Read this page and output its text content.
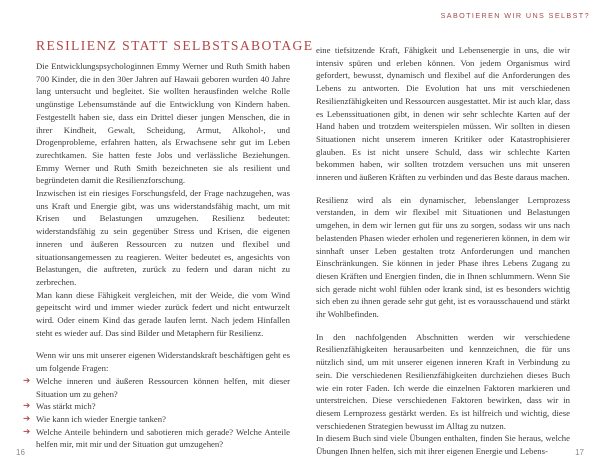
RESILIENZ STATT SELBSTSABOTAGE

Die Entwicklungspsychologinnen Emmy Werner und Ruth Smith haben 700 Kinder, die in den 30er Jahren auf Hawaii geboren wurden 40 Jahre lang untersucht und begleitet. Sie wollten herausfinden welche Rolle ungünstige Lebensumstände auf die Entwicklung von Kindern haben. Festgestellt haben sie, dass ein Drittel dieser jungen Menschen, die in ihrer Kindheit, Gewalt, Scheidung, Armut, Alkohol-, und Drogenprobleme, erfahren hatten, als Erwachsene sehr gut im Leben zurechtkamen. Sie hatten feste Jobs und verlässliche Beziehungen. Emmy Werner und Ruth Smith bezeichneten sie als resilient und begründeten damit die Resilienzforschung.

Inzwischen ist ein riesiges Forschungsfeld, der Frage nachzugehen, was uns Kraft und Energie gibt, was uns widerstandsfähig macht, um mit Krisen und Belastungen umzugehen. Resilienz bedeutet: widerstandsfähig zu sein gegenüber Stress und Krisen, die eigenen inneren und äußeren Ressourcen zu nutzen und flexibel und situationsangemessen zu reagieren. Weiter bedeutet es, angesichts von Belastungen, die auftreten, zurück zu federn und daran nicht zu zerbrechen.

Man kann diese Fähigkeit vergleichen, mit der Weide, die vom Wind gepeitscht wird und immer wieder zurück federt und nicht entwurzelt wird. Oder einem Kind das gerade laufen lernt. Nach jedem Hinfallen steht es wieder auf. Das sind Bilder und Metaphern für Resilienz.

Wenn wir uns mit unserer eigenen Widerstandskraft beschäftigen geht es um folgende Fragen:

➔ Welche inneren und äußeren Ressourcen können helfen, mit dieser Situation um zu gehen?
➔ Was stärkt mich?
➔ Wie kann ich wieder Energie tanken?
➔ Welche Anteile behindern und sabotieren mich gerade? Welche Anteile helfen mir, mit mir und der Situation gut umzugehen?
16
SABOTIEREN WIR UNS SELBST?

eine tiefsitzende Kraft, Fähigkeit und Lebensenergie in uns, die wir intensiv spüren und erleben können. Von jedem Organismus wird gefordert, bewusst, dynamisch und flexibel auf die Anforderungen des Lebens zu antworten. Die Evolution hat uns mit verschiedenen Resilienzfähigkeiten und Ressourcen ausgestattet. Mir ist auch klar, dass es Lebenssituationen gibt, in denen wir sehr schlechte Karten auf der Hand haben und trotzdem weiterspielen müssen. Wir sollten in diesen Situationen nicht unserem inneren Kritiker oder Katastrophisierer glauben. Es ist nicht unsere Schuld, dass wir schlechte Karten bekommen haben, wir sollten trotzdem versuchen uns mit unseren inneren und äußeren Kräften zu verbinden und das Beste daraus machen.

Resilienz wird als ein dynamischer, lebenslanger Lernprozess verstanden, in dem wir flexibel mit Situationen und Belastungen umgehen, in dem wir lernen gut für uns zu sorgen, sodass wir uns nach belastenden Phasen wieder erholen und regenerieren können, in dem wir sinnhaft unser Leben gestalten trotz Anforderungen und manchen Einschränkungen. Sie können in jeder Phase ihres Lebens Zugang zu diesen Kräften und Energien finden, die in Ihnen schlummern. Wenn Sie sich gerade nicht wohl fühlen oder krank sind, ist es besonders wichtig sich eben zu ihnen gerade sehr gut geht, ist es vorausschauend und stärkt ihr Wohlbefinden.

In den nachfolgenden Abschnitten werden wir verschiedene Resilienzfähigkeiten herausarbeiten und kennzeichnen, die für uns nützlich sind, um mit unserer eigenen inneren Kraft in Verbindung zu sein. Die verschiedenen Resilienzfähigkeiten durchziehen dieses Buch wie ein roter Faden. Ich werde die einzelnen Faktoren markieren und unterstreichen. Diese verschiedenen Faktoren bewirken, dass wir in diesem Lernprozess gestärkt werden. Es ist hilfreich und wichtig, diese verschiedenen Strategien bewusst im Alltag zu nutzen.

In diesem Buch sind viele Übungen enthalten, finden Sie heraus, welche Übungen Ihnen helfen, sich mit ihrer eigenen Energie und Lebens-	17
